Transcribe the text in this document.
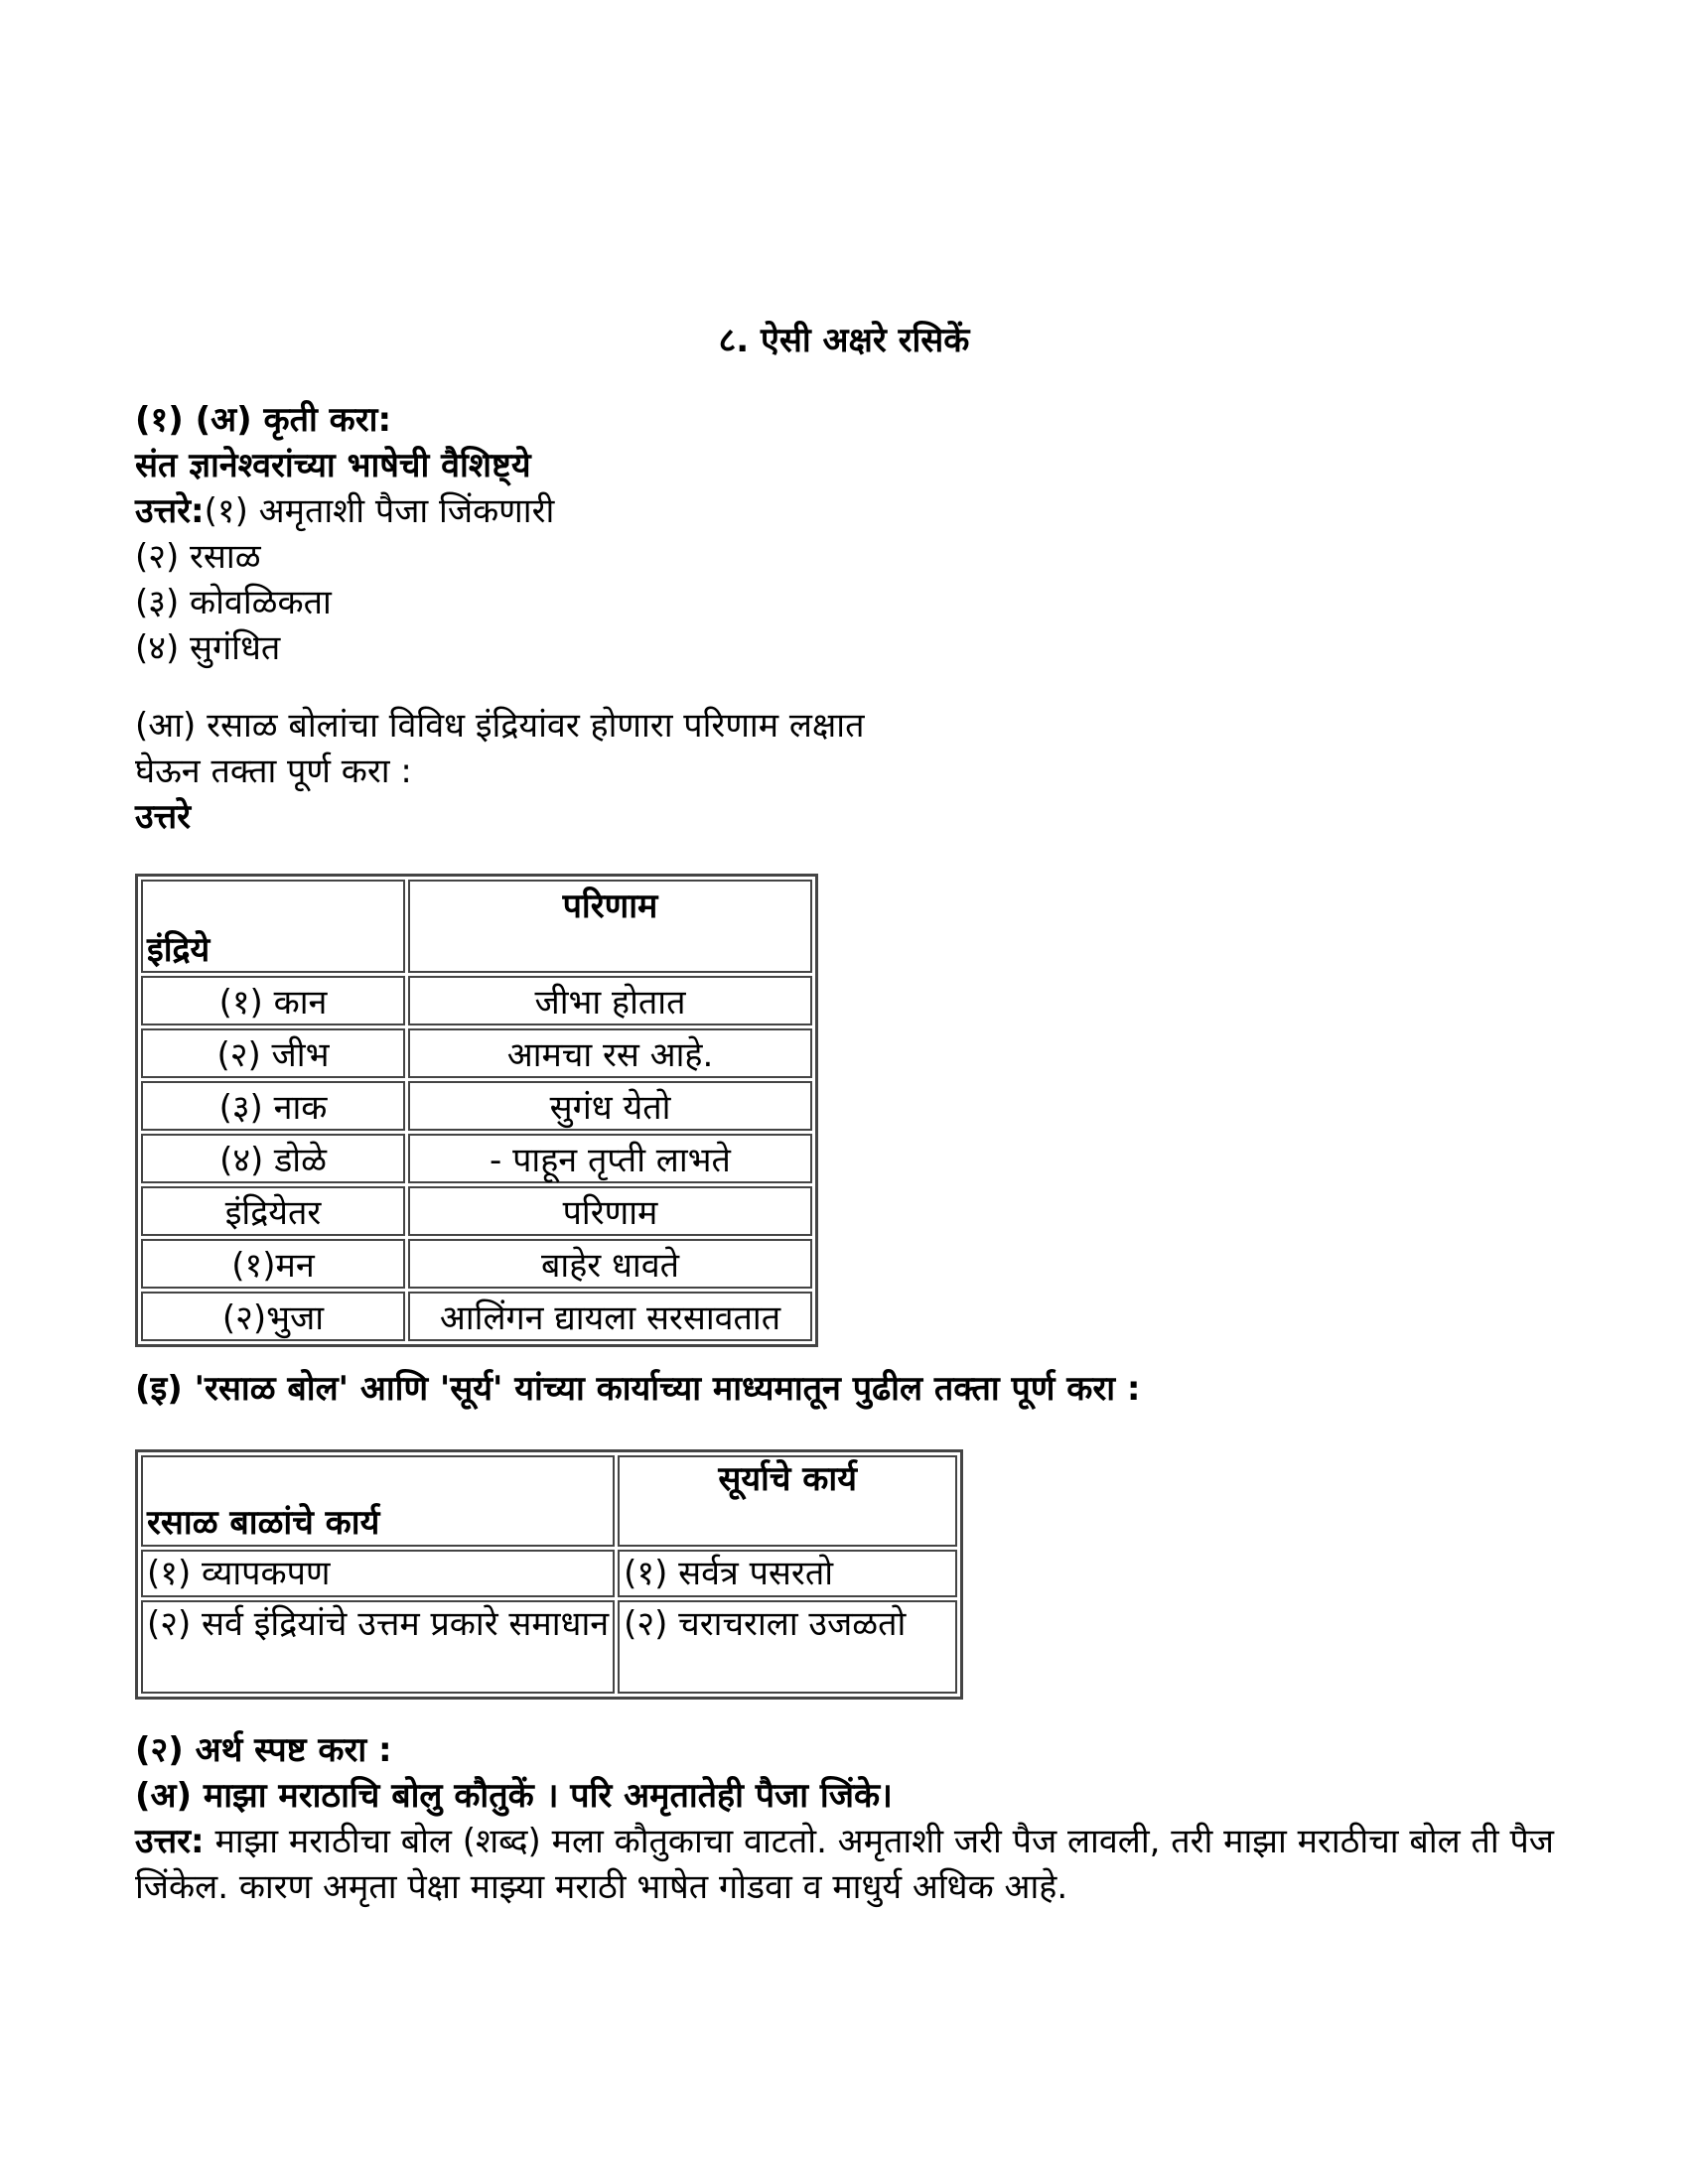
८. ऐसी अक्षरे रसिकें
(१) (अ) कृती करा:
संत ज्ञानेश्वरांच्या भाषेची वैशिष्ट्ये
उत्तरे:(१) अमृताशी पैजा जिंकणारी
(२) रसाळ
(३) कोवळिकता
(४) सुगंधित
(आ) रसाळ बोलांचा विविध इंद्रियांवर होणारा परिणाम लक्षात
घेऊन तक्ता पूर्ण करा :
उत्तरे
इंद्रिये	परिणाम
(१) कान	जीभा होतात
(२) जीभ	आमचा रस आहे.
(३) नाक	सुगंध येतो
(४) डोळे	- पाहून तृप्ती लाभते
इंद्रियेतर	परिणाम
(१)मन	बाहेर धावते
(२)भुजा	आलिंगन द्यायला सरसावतात
(इ) 'रसाळ बोल' आणि 'सूर्य' यांच्या कार्याच्या माध्यमातून पुढील तक्ता पूर्ण करा :
रसाळ बाळांचे कार्य	सूर्याचे कार्य
(१) व्यापकपण	(१) सर्वत्र पसरतो
(२) सर्व इंद्रियांचे उत्तम प्रकारे समाधान	(२) चराचराला उजळतो
(२) अर्थ स्पष्ट करा :
(अ) माझा मराठाचि बोलु कौतुकें । परि अमृतातेही पैजा जिंके।
उत्तर: माझा मराठीचा बोल (शब्द) मला कौतुकाचा वाटतो. अमृताशी जरी पैज लावली, तरी माझा मराठीचा बोल ती पैज जिंकेल. कारण अमृता पेक्षा माझ्या मराठी भाषेत गोडवा व माधुर्य अधिक आहे.
